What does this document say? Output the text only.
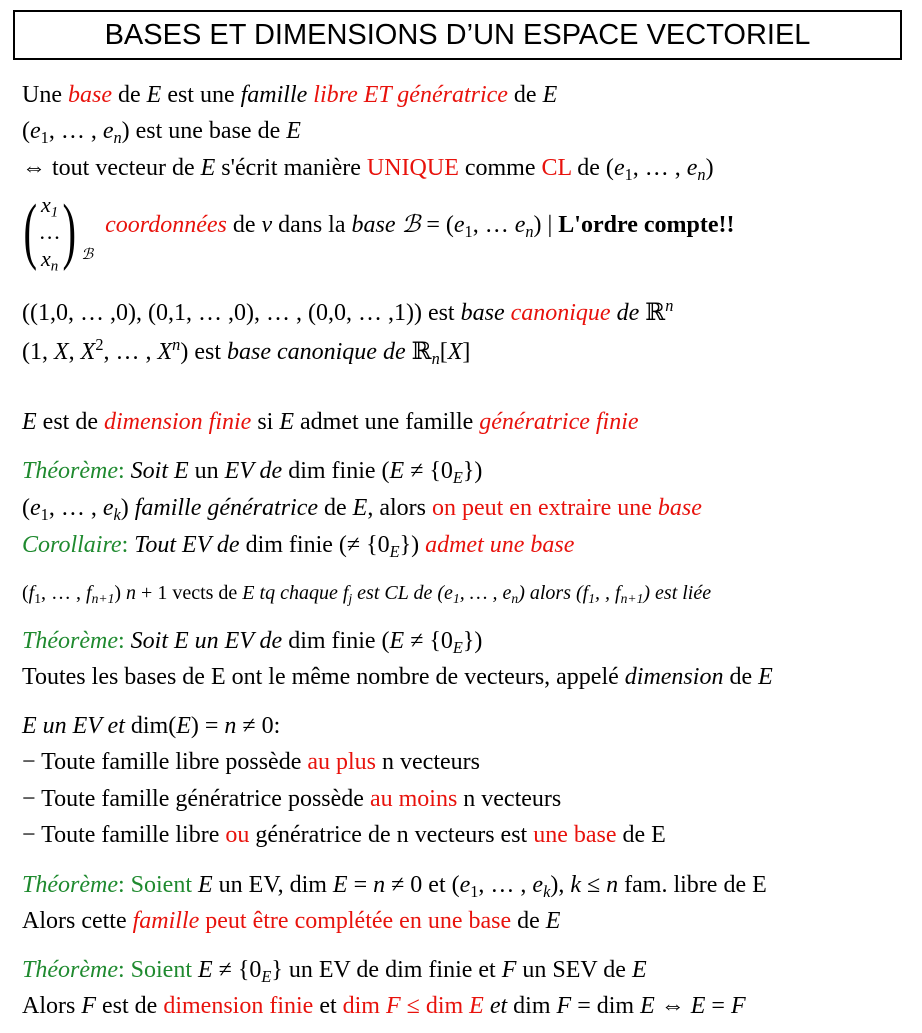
BASES ET DIMENSIONS D’UN ESPACE VECTORIEL
Une base de E est une famille libre ET génératrice de E
($e_1$, … , $e_n$) est une base de E
⇔ tout vecteur de E s'écrit manière UNIQUE comme CL de ($e_1$, … , $e_n$)
( $x_1$
…
$x_n$ ) ℬ
coordonnées de v dans la base ℬ = ($e_1$, … $e_n$) | L'ordre compte!!
((1,0, … ,0), (0,1, … ,0), … , (0,0, … ,1)) est base canonique de ℝ$^n$
(1, X, $X^2$, … , $X^n$) est base canonique de ℝ$_n$[X]
E est de dimension finie si E admet une famille génératrice finie
Théorème: Soit E un EV de dim finie $(E \ne \{0_E\})$
($e_1$, … , $e_k$) famille génératrice de E, alors on peut en extraire une base
Corollaire: Tout EV de dim finie (≠ $\{0_E\}$) admet une base
($f_1$, … , $f_{n+1}$) n + 1 vects de E tq chaque $f_j$ est CL de ($e_1$, … , $e_n$) alors ($f_1$, , $f_{n+1}$) est liée
Théorème: Soit E un EV de dim finie $(E \ne \{0_E\})$
Toutes les bases de E ont le même nombre de vecteurs, appelé dimension de E
E un EV et dim(E) = n ≠ 0:
− Toute famille libre possède au plus n vecteurs
− Toute famille génératrice possède au moins n vecteurs
− Toute famille libre ou génératrice de n vecteurs est une base de E
Théorème: Soient E un EV, dim E = n ≠ 0 et ($e_1$, … , $e_k$), k ≤ n fam. libre de E
Alors cette famille peut être complétée en une base de E
Théorème: Soient $E \ne \{0_E\}$ un EV de dim finie et F un SEV de E
Alors F est de dimension finie et dim F ≤ dim E et dim F = dim E ⇔ E = F
